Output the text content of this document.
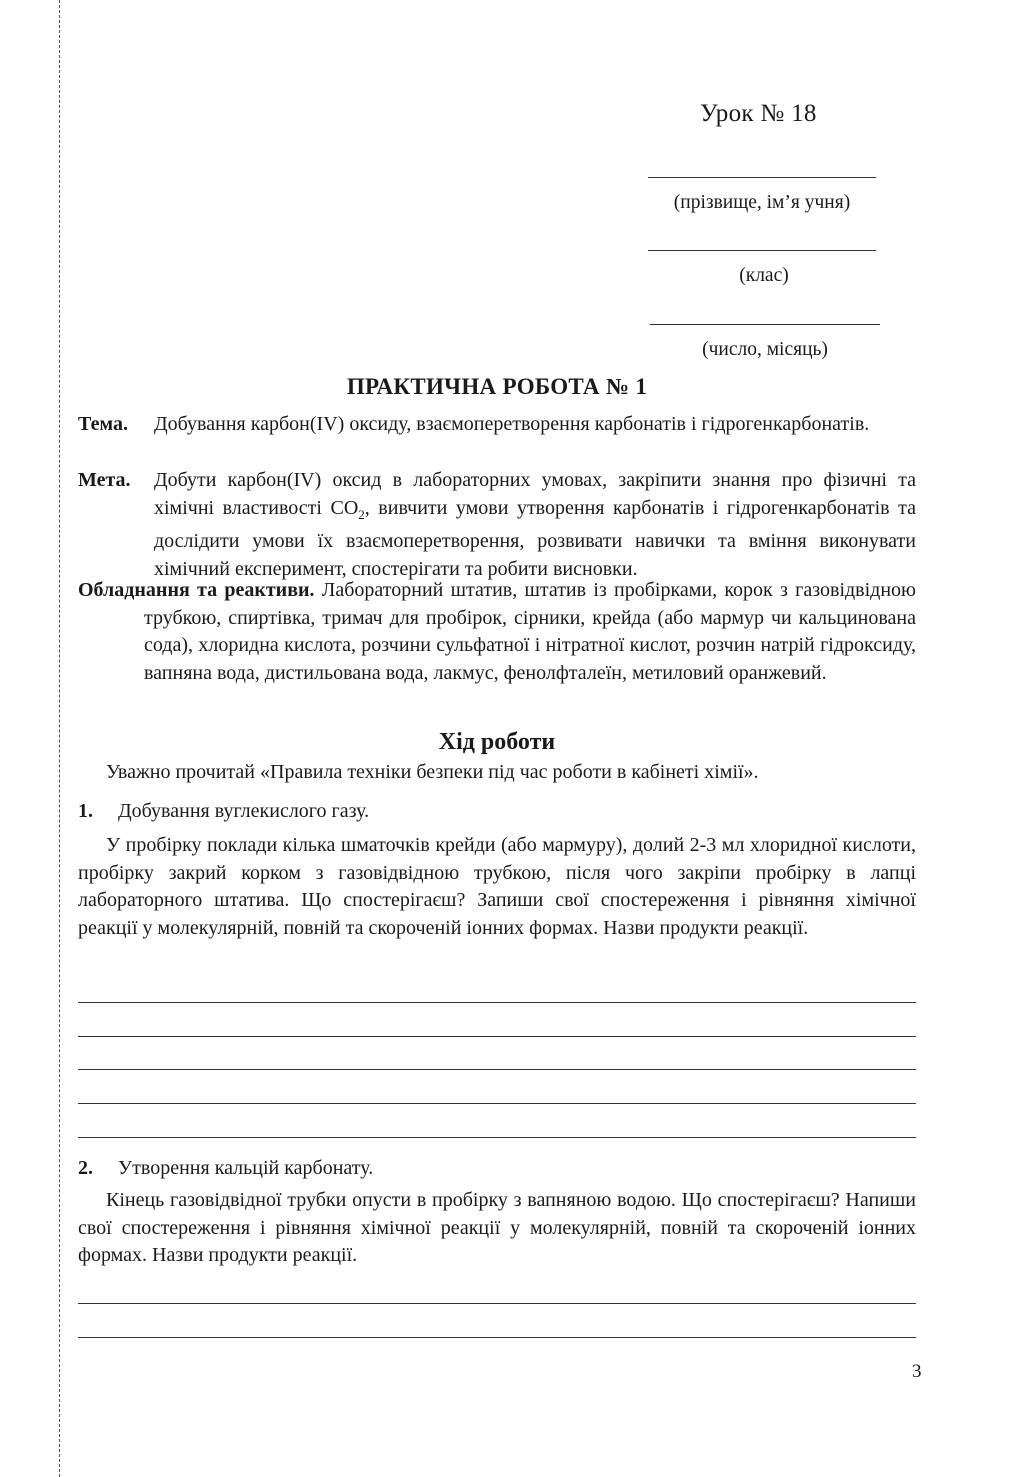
Урок № 18
(прізвище, ім’я учня)
(клас)
(число, місяць)
ПРАКТИЧНА РОБОТА № 1
Тема. Добування карбон(IV) оксиду, взаємоперетворення карбонатів і гідрогенкарбонатів.
Мета. Добути карбон(IV) оксид в лабораторних умовах, закріпити знання про фізичні та хімічні властивості $CO_2$, вивчити умови утворення карбонатів і гідрогенкарбонатів та дослідити умови їх взаємоперетворення, розвивати навички та вміння виконувати хімічний експеримент, спостерігати та робити висновки.
Обладнання та реактиви. Лабораторний штатив, штатив із пробірками, корок з газовідвідною трубкою, спиртівка, тримач для пробірок, сірники, крейда (або мармур чи кальцинована сода), хлоридна кислота, розчини сульфатної і нітратної кислот, розчин натрій гідроксиду, вапняна вода, дистильована вода, лакмус, фенолфталеїн, метиловий оранжевий.
Хід роботи
Уважно прочитай «Правила техніки безпеки під час роботи в кабінеті хімії».
1. Добування вуглекислого газу.
У пробірку поклади кілька шматочків крейди (або мармуру), долий 2-3 мл хлоридної кислоти, пробірку закрий корком з газовідвідною трубкою, після чого закріпи пробірку в лапці лабораторного штатива. Що спостерігаєш? Запиши свої спостереження і рівняння хімічної реакції у молекулярній, повній та скороченій іонних формах. Назви продукти реакції.
2. Утворення кальцій карбонату.
Кінець газовідвідної трубки опусти в пробірку з вапняною водою. Що спостерігаєш? Напиши свої спостереження і рівняння хімічної реакції у молекулярній, повній та скороченій іонних формах. Назви продукти реакції.
3
